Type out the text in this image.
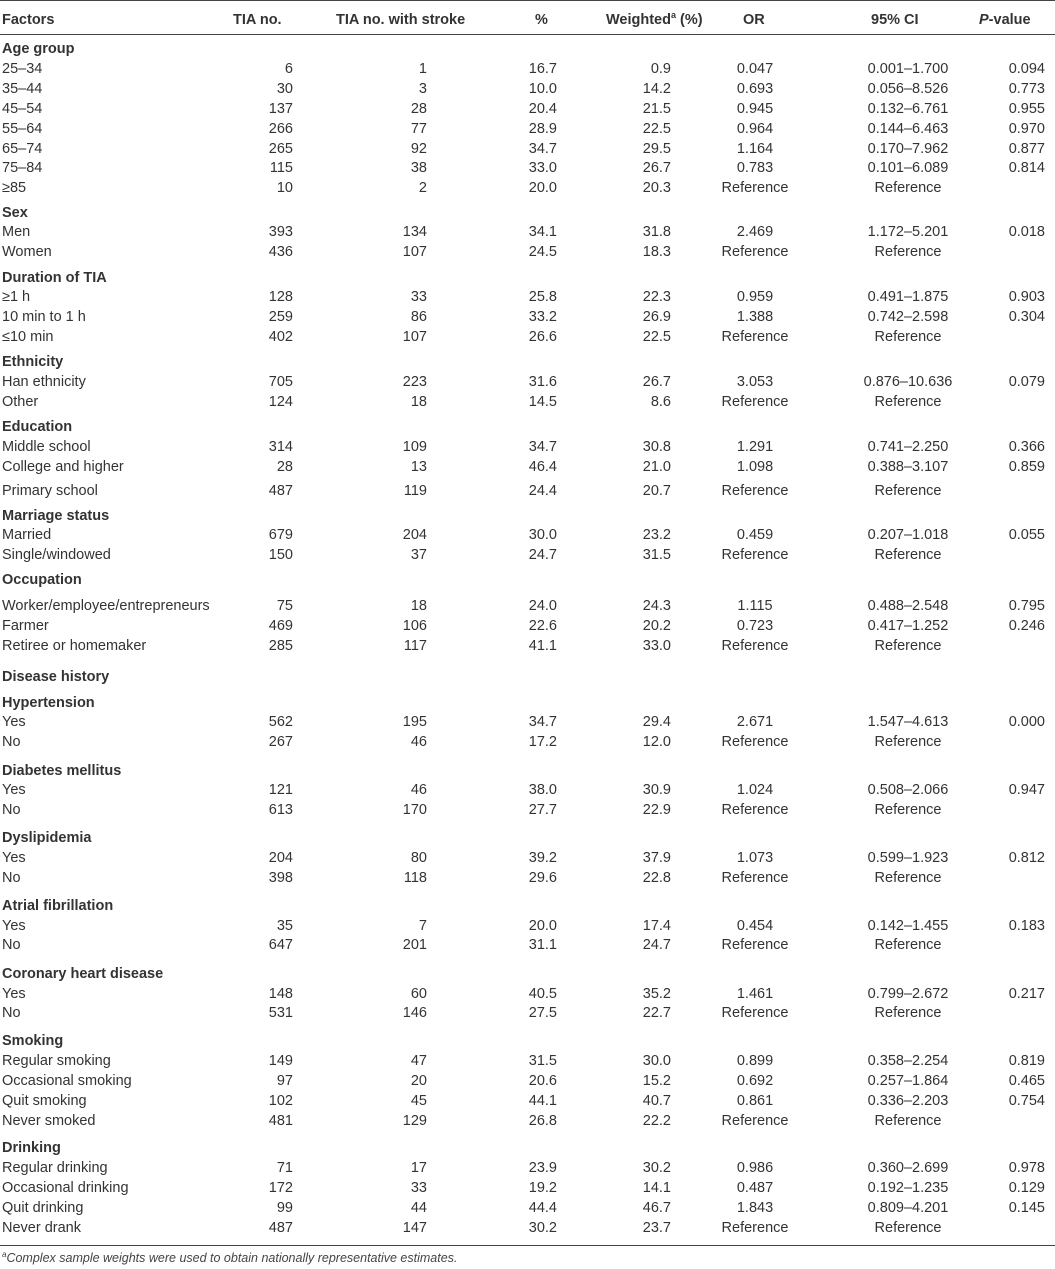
Factors	TIA no.	TIA no. with stroke	%	Weighted$^a$ (%)	OR	95% CI	P-value
Age group
25–34	6	1	16.7	0.9	0.047	0.001–1.700	0.094
35–44	30	3	10.0	14.2	0.693	0.056–8.526	0.773
45–54	137	28	20.4	21.5	0.945	0.132–6.761	0.955
55–64	266	77	28.9	22.5	0.964	0.144–6.463	0.970
65–74	265	92	34.7	29.5	1.164	0.170–7.962	0.877
75–84	115	38	33.0	26.7	0.783	0.101–6.089	0.814
≥85	10	2	20.0	20.3	Reference	Reference
Sex
Men	393	134	34.1	31.8	2.469	1.172–5.201	0.018
Women	436	107	24.5	18.3	Reference	Reference
Duration of TIA
≥1 h	128	33	25.8	22.3	0.959	0.491–1.875	0.903
10 min to 1 h	259	86	33.2	26.9	1.388	0.742–2.598	0.304
≤10 min	402	107	26.6	22.5	Reference	Reference
Ethnicity
Han ethnicity	705	223	31.6	26.7	3.053	0.876–10.636	0.079
Other	124	18	14.5	8.6	Reference	Reference
Education
Middle school	314	109	34.7	30.8	1.291	0.741–2.250	0.366
College and higher	28	13	46.4	21.0	1.098	0.388–3.107	0.859
Primary school	487	119	24.4	20.7	Reference	Reference
Marriage status
Married	679	204	30.0	23.2	0.459	0.207–1.018	0.055
Single/windowed	150	37	24.7	31.5	Reference	Reference
Occupation
Worker/employee/entrepreneurs	75	18	24.0	24.3	1.115	0.488–2.548	0.795
Farmer	469	106	22.6	20.2	0.723	0.417–1.252	0.246
Retiree or homemaker	285	117	41.1	33.0	Reference	Reference
Disease history
Hypertension
Yes	562	195	34.7	29.4	2.671	1.547–4.613	0.000
No	267	46	17.2	12.0	Reference	Reference
Diabetes mellitus
Yes	121	46	38.0	30.9	1.024	0.508–2.066	0.947
No	613	170	27.7	22.9	Reference	Reference
Dyslipidemia
Yes	204	80	39.2	37.9	1.073	0.599–1.923	0.812
No	398	118	29.6	22.8	Reference	Reference
Atrial fibrillation
Yes	35	7	20.0	17.4	0.454	0.142–1.455	0.183
No	647	201	31.1	24.7	Reference	Reference
Coronary heart disease
Yes	148	60	40.5	35.2	1.461	0.799–2.672	0.217
No	531	146	27.5	22.7	Reference	Reference
Smoking
Regular smoking	149	47	31.5	30.0	0.899	0.358–2.254	0.819
Occasional smoking	97	20	20.6	15.2	0.692	0.257–1.864	0.465
Quit smoking	102	45	44.1	40.7	0.861	0.336–2.203	0.754
Never smoked	481	129	26.8	22.2	Reference	Reference
Drinking
Regular drinking	71	17	23.9	30.2	0.986	0.360–2.699	0.978
Occasional drinking	172	33	19.2	14.1	0.487	0.192–1.235	0.129
Quit drinking	99	44	44.4	46.7	1.843	0.809–4.201	0.145
Never drank	487	147	30.2	23.7	Reference	Reference
$^a$Complex sample weights were used to obtain nationally representative estimates.
